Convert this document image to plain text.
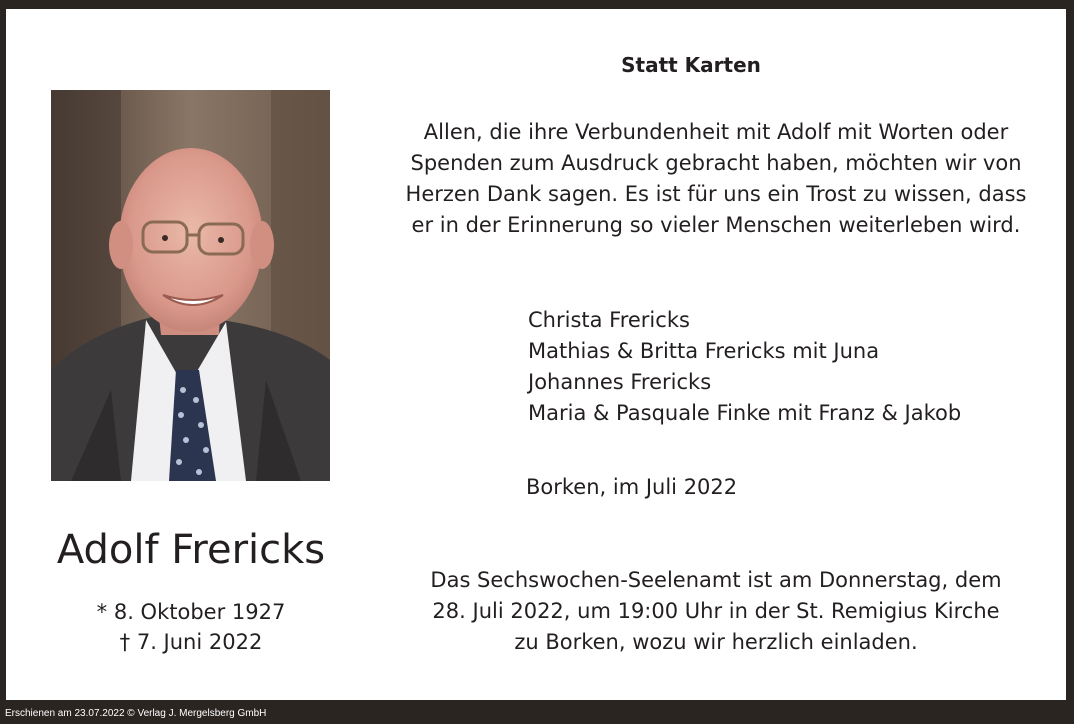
Statt Karten
Allen, die ihre Verbundenheit mit Adolf mit Worten oder
Spenden zum Ausdruck gebracht haben, möchten wir von
Herzen Dank sagen. Es ist für uns ein Trost zu wissen, dass
er in der Erinnerung so vieler Menschen weiterleben wird.
Christa Frericks
Mathias & Britta Frericks mit Juna
Johannes Frericks
Maria & Pasquale Finke mit Franz & Jakob
Borken, im Juli 2022
Das Sechswochen-Seelenamt ist am Donnerstag, dem
28. Juli 2022, um 19:00 Uhr in der St. Remigius Kirche
zu Borken, wozu wir herzlich einladen.
Adolf Frericks
* 8. Oktober 1927
† 7. Juni 2022
Erschienen am 23.07.2022 © Verlag J. Mergelsberg GmbH
